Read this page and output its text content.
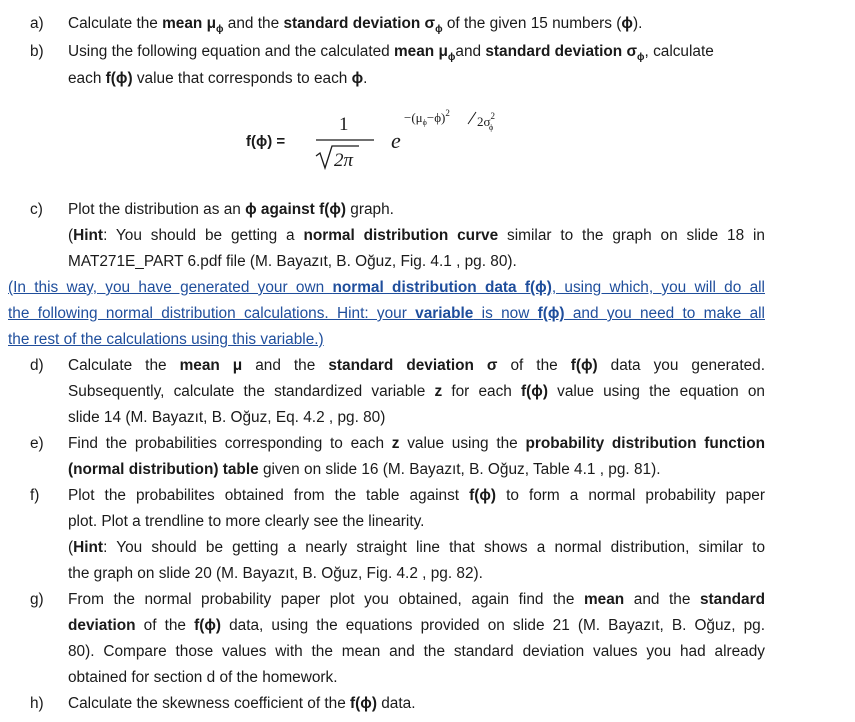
a) Calculate the mean $\mu_\phi$ and the standard deviation $\sigma_\phi$ of the given 15 numbers (ϕ).
b) Using the following equation and the calculated mean $\mu_\phi and$ standard deviation $\sigma_\phi$, calculate
each f(ϕ) value that corresponds to each ϕ.
f(ϕ) =
1
2π
e
$-(\mu_\phi-\phi)^2$
$2\sigma^2$ ϕ
c) Plot the distribution as an ϕ against f(ϕ) graph.
(Hint: You should be getting a normal distribution curve similar to the graph on slide 18 in
MAT271E_PART 6.pdf file (M. Bayazıt, B. Oğuz, Fig. 4.1 , pg. 80).
(In this way, you have generated your own normal distribution data f(ϕ), using which, you will do all
the following normal distribution calculations. Hint: your variable is now f(ϕ) and you need to make all
the rest of the calculations using this variable.)
d) Calculate the mean μ and the standard deviation σ of the f(ϕ) data you generated.
Subsequently, calculate the standardized variable z for each f(ϕ) value using the equation on
slide 14 (M. Bayazıt, B. Oğuz, Eq. 4.2 , pg. 80)
e) Find the probabilities corresponding to each z value using the probability distribution function
(normal distribution) table given on slide 16 (M. Bayazıt, B. Oğuz, Table 4.1 , pg. 81).
f) Plot the probabilites obtained from the table against f(ϕ) to form a normal probability paper
plot. Plot a trendline to more clearly see the linearity.
(Hint: You should be getting a nearly straight line that shows a normal distribution, similar to
the graph on slide 20 (M. Bayazıt, B. Oğuz, Fig. 4.2 , pg. 82).
g) From the normal probability paper plot you obtained, again find the mean and the standard
deviation of the f(ϕ) data, using the equations provided on slide 21 (M. Bayazıt, B. Oğuz, pg.
80). Compare those values with the mean and the standard deviation values you had already
obtained for section d of the homework.
h) Calculate the skewness coefficient of the f(ϕ) data.
